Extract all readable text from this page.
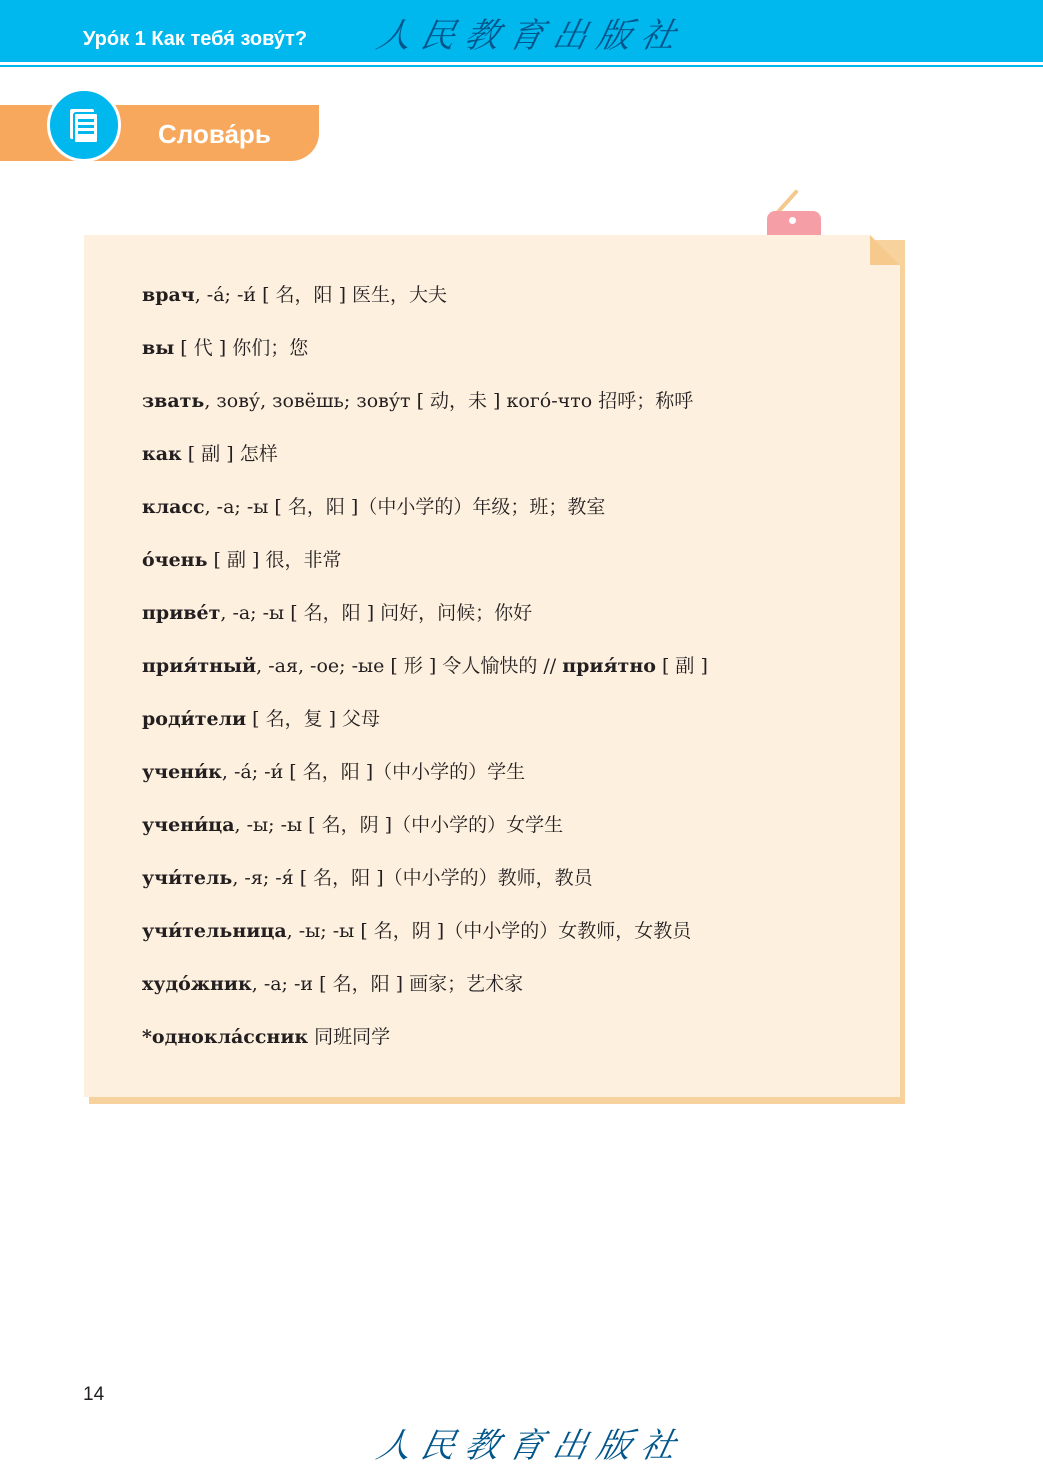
Уро́к 1 Как тебя́ зову́т? 人民教育出版社
Слова́рь
врач, -á; -и́ [ 名，阳 ] 医生，大夫
вы [ 代 ] 你们；您
звать, зову́, зовёшь; зову́т [ 动，未 ] кого́-что 招呼；称呼
как [ 副 ] 怎样
класс, -а; -ы [ 名，阳 ]（中小学的）年级；班；教室
о́чень [ 副 ] 很，非常
приве́т, -а; -ы [ 名，阳 ] 问好，问候；你好
прия́тный, -ая, -ое; -ые [ 形 ] 令人愉快的 // прия́тно [ 副 ]
роди́тели [ 名，复 ] 父母
учени́к, -á; -и́ [ 名，阳 ]（中小学的）学生
учени́ца, -ы; -ы [ 名，阴 ]（中小学的）女学生
учи́тель, -я; -я́ [ 名，阳 ]（中小学的）教师，教员
учи́тельница, -ы; -ы [ 名，阴 ]（中小学的）女教师，女教员
худо́жник, -а; -и [ 名，阳 ] 画家；艺术家
*однокла́ссник 同班同学
14
人民教育出版社
